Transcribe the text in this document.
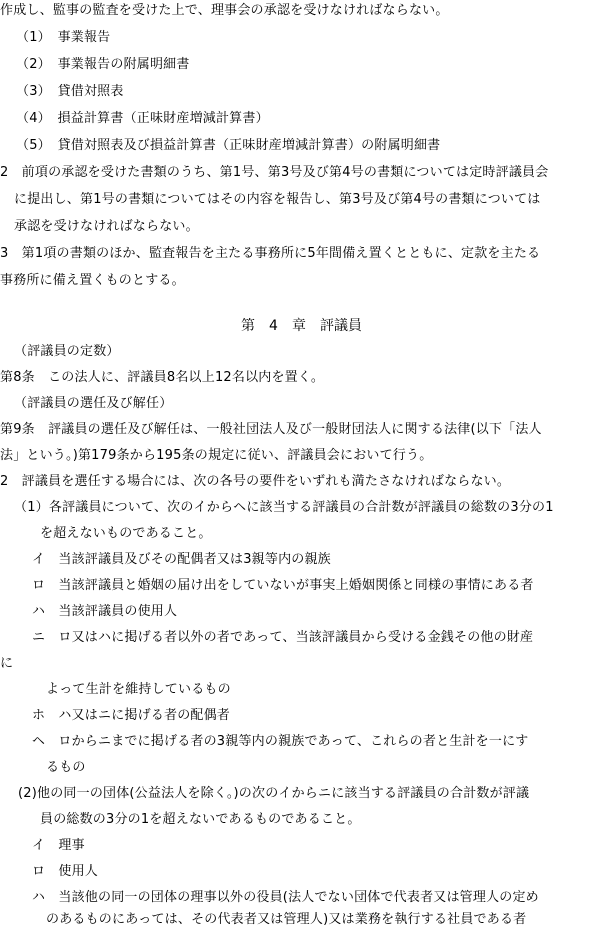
作成し、監事の監査を受けた上で、理事会の承認を受けなければならない。
（1）　事業報告
（2）　事業報告の附属明細書
（3）　貸借対照表
（4）　損益計算書（正味財産増減計算書）
（5）　貸借対照表及び損益計算書（正味財産増減計算書）の附属明細書
2　前項の承認を受けた書類のうち、第1号、第3号及び第4号の書類については定時評議員会
に提出し、第1号の書類についてはその内容を報告し、第3号及び第4号の書類については
承認を受けなければならない。
3　第1項の書類のほか、監査報告を主たる事務所に5年間備え置くとともに、定款を主たる
事務所に備え置くものとする。
第　4　章　評議員
（評議員の定数）
第8条　この法人に、評議員8名以上12名以内を置く。
（評議員の選任及び解任）
第9条　評議員の選任及び解任は、一般社団法人及び一般財団法人に関する法律(以下「法人
法」という。)第179条から195条の規定に従い、評議員会において行う。
2　評議員を選任する場合には、次の各号の要件をいずれも満たさなければならない。
（1）各評議員について、次のイからヘに該当する評議員の合計数が評議員の総数の3分の1
を超えないものであること。
イ　当該評議員及びその配偶者又は3親等内の親族
ロ　当該評議員と婚姻の届け出をしていないが事実上婚姻関係と同様の事情にある者
ハ　当該評議員の使用人
ニ　ロ又はハに掲げる者以外の者であって、当該評議員から受ける金銭その他の財産
に
よって生計を維持しているもの
ホ　ハ又はニに掲げる者の配偶者
ヘ　ロからニまでに掲げる者の3親等内の親族であって、これらの者と生計を一にす
るもの
(2)他の同一の団体(公益法人を除く。)の次のイからニに該当する評議員の合計数が評議
員の総数の3分の1を超えないであるものであること。
イ　理事
ロ　使用人
ハ　当該他の同一の団体の理事以外の役員(法人でない団体で代表者又は管理人の定め
のあるものにあっては、その代表者又は管理人)又は業務を執行する社員である者
